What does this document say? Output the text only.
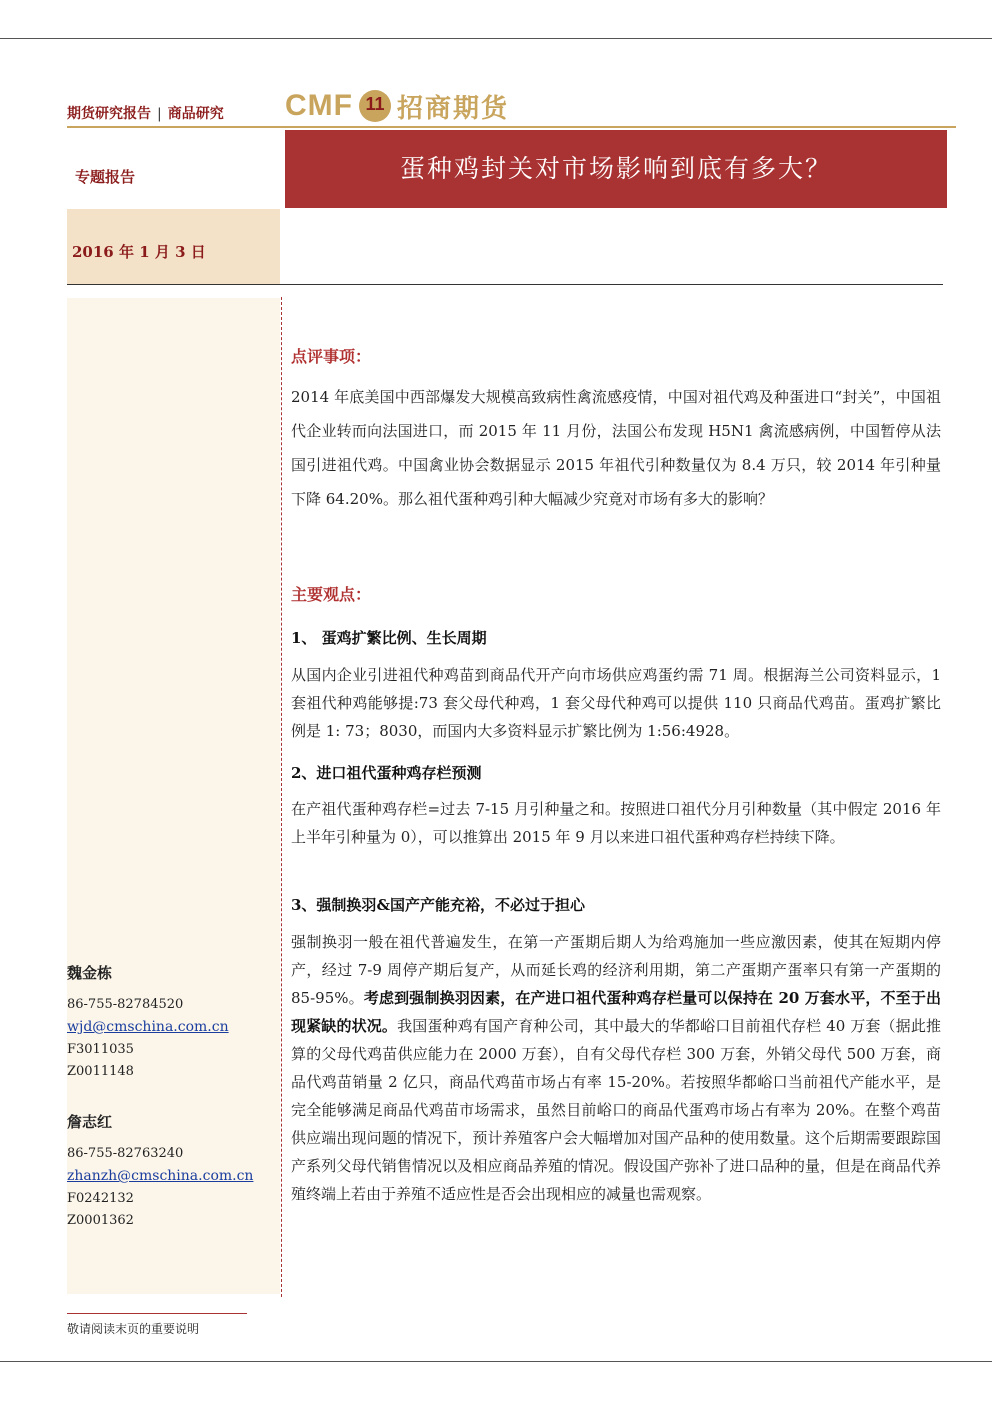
期货研究报告 | 商品研究 CMF 11 招商期货
专题报告	蛋种鸡封关对市场影响到底有多大？
2016 年 1 月 3 日
点评事项：

2014 年底美国中西部爆发大规模高致病性禽流感疫情，中国对祖代鸡及种蛋进口“封关”，中国祖代企业转而向法国进口，而 2015 年 11 月份，法国公布发现 H5N1 禽流感病例，中国暂停从法国引进祖代鸡。中国禽业协会数据显示 2015 年祖代引种数量仅为 8.4 万只，较 2014 年引种量下降 64.20%。那么祖代蛋种鸡引种大幅减少究竟对市场有多大的影响？

主要观点：
1、 蛋鸡扩繁比例、生长周期

从国内企业引进祖代种鸡苗到商品代开产向市场供应鸡蛋约需 71 周。根据海兰公司资料显示，1 套祖代种鸡能够提:73 套父母代种鸡，1 套父母代种鸡可以提供 110 只商品代鸡苗。蛋鸡扩繁比例是 1: 73；8030，而国内大多资料显示扩繁比例为 1:56:4928。

2、进口祖代蛋种鸡存栏预测

在产祖代蛋种鸡存栏=过去 7-15 月引种量之和。按照进口祖代分月引种数量（其中假定 2016 年上半年引种量为 0），可以推算出 2015 年 9 月以来进口祖代蛋种鸡存栏持续下降。

3、强制换羽&国产产能充裕，不必过于担心

强制换羽一般在祖代普遍发生，在第一产蛋期后期人为给鸡施加一些应激因素，使其在短期内停产，经过 7-9 周停产期后复产，从而延长鸡的经济利用期，第二产蛋期产蛋率只有第一产蛋期的 85-95%。考虑到强制换羽因素，在产进口祖代蛋种鸡存栏量可以保持在 20 万套水平，不至于出现紧缺的状况。我国蛋种鸡有国产育种公司，其中最大的华都峪口目前祖代存栏 40 万套（据此推算的父母代鸡苗供应能力在 2000 万套），自有父母代存栏 300 万套，外销父母代 500 万套，商品代鸡苗销量 2 亿只，商品代鸡苗市场占有率 15-20%。若按照华都峪口当前祖代产能水平，是完全能够满足商品代鸡苗市场需求，虽然目前峪口的商品代蛋鸡市场占有率为 20%。在整个鸡苗供应端出现问题的情况下，预计养殖客户会大幅增加对国产品种的使用数量。这个后期需要跟踪国产系列父母代销售情况以及相应商品养殖的情况。假设国产弥补了进口品种的量，但是在商品代养殖终端上若由于养殖不适应性是否会出现相应的减量也需观察。

魏金栋
86-755-82784520
wjd@cmschina.com.cn
F3011035
Z0011148
詹志红
86-755-82763240
zhanzh@cmschina.com.cn
F0242132
Z0001362
敬请阅读末页的重要说明
